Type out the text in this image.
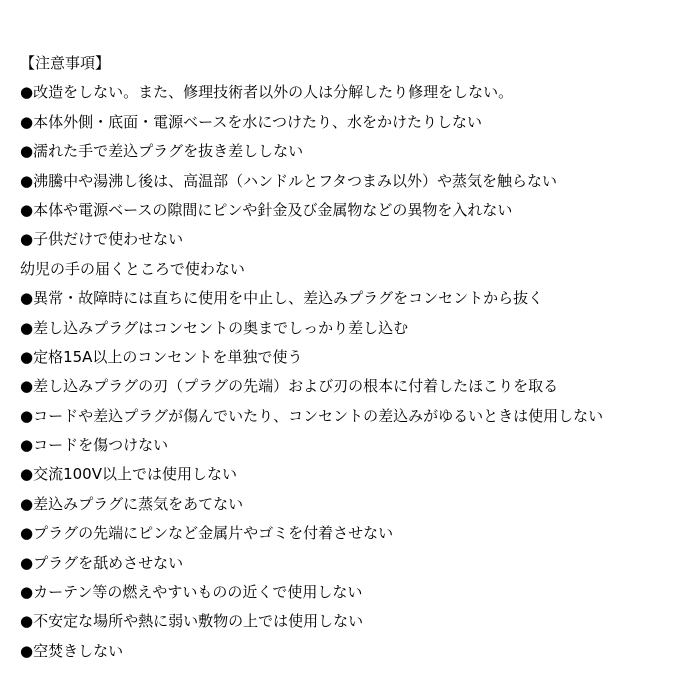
【注意事項】
●改造をしない。また、修理技術者以外の人は分解したり修理をしない。
●本体外側・底面・電源ベースを水につけたり、水をかけたりしない
●濡れた手で差込プラグを抜き差ししない
●沸騰中や湯沸し後は、高温部（ハンドルとフタつまみ以外）や蒸気を触らない
●本体や電源ベースの隙間にピンや針金及び金属物などの異物を入れない
●子供だけで使わせない
幼児の手の届くところで使わない
●異常・故障時には直ちに使用を中止し、差込みプラグをコンセントから抜く
●差し込みプラグはコンセントの奥までしっかり差し込む
●定格15A以上のコンセントを単独で使う
●差し込みプラグの刃（プラグの先端）および刃の根本に付着したほこりを取る
●コードや差込プラグが傷んでいたり、コンセントの差込みがゆるいときは使用しない
●コードを傷つけない
●交流100V以上では使用しない
●差込みプラグに蒸気をあてない
●プラグの先端にピンなど金属片やゴミを付着させない
●プラグを舐めさせない
●カーテン等の燃えやすいものの近くで使用しない
●不安定な場所や熱に弱い敷物の上では使用しない
●空焚きしない
